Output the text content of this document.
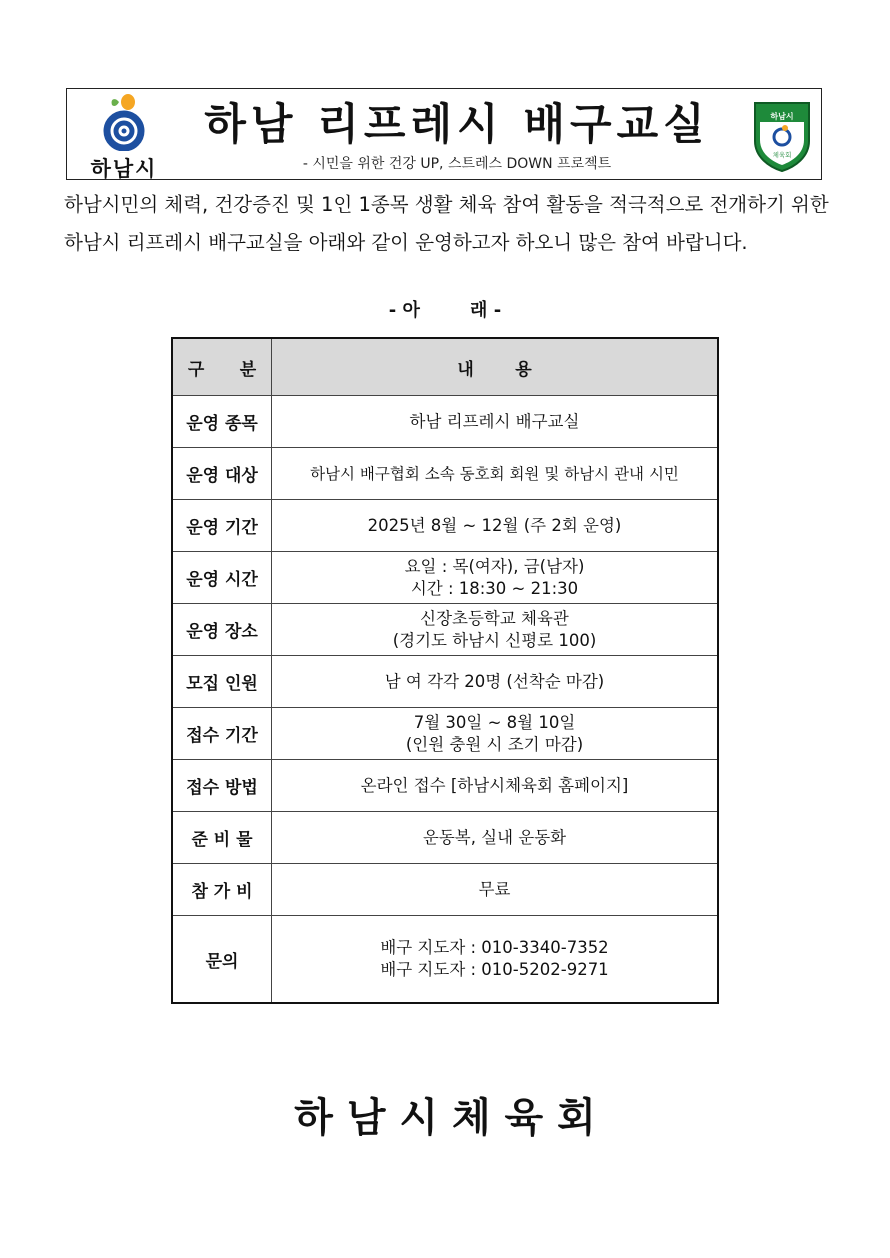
하남시
하남 리프레시 배구교실
- 시민을 위한 건강 UP, 스트레스 DOWN 프로젝트
하남시
체육회
하남시민의 체력, 건강증진 및 1인 1종목 생활 체육 참여 활동을 적극적으로 전개하기 위한 하남시 리프레시 배구교실을 아래와 같이 운영하고자 하오니 많은 참여 바랍니다.
- 아        래 -
구      분	내       용
운영 종목	하남 리프레시 배구교실

운영 대상	하남시 배구협회 소속 동호회 회원 및 하남시 관내 시민

운영 기간	2025년 8월 ~ 12월 (주 2회 운영)

운영 시간	요일 : 목(여자), 금(남자)
시간 : 18:30 ~ 21:30

운영 장소	신장초등학교 체육관
(경기도 하남시 신평로 100)

모집 인원	남 여 각각 20명 (선착순 마감)

접수 기간	7월 30일 ~ 8월 10일
(인원 충원 시 조기 마감)

접수 방법	온라인 접수 [하남시체육회 홈페이지]

준 비 물	운동복, 실내 운동화

참 가 비	무료

문의	배구 지도자 : 010-3340-7352
배구 지도자 : 010-5202-9271
하 남 시 체 육 회
